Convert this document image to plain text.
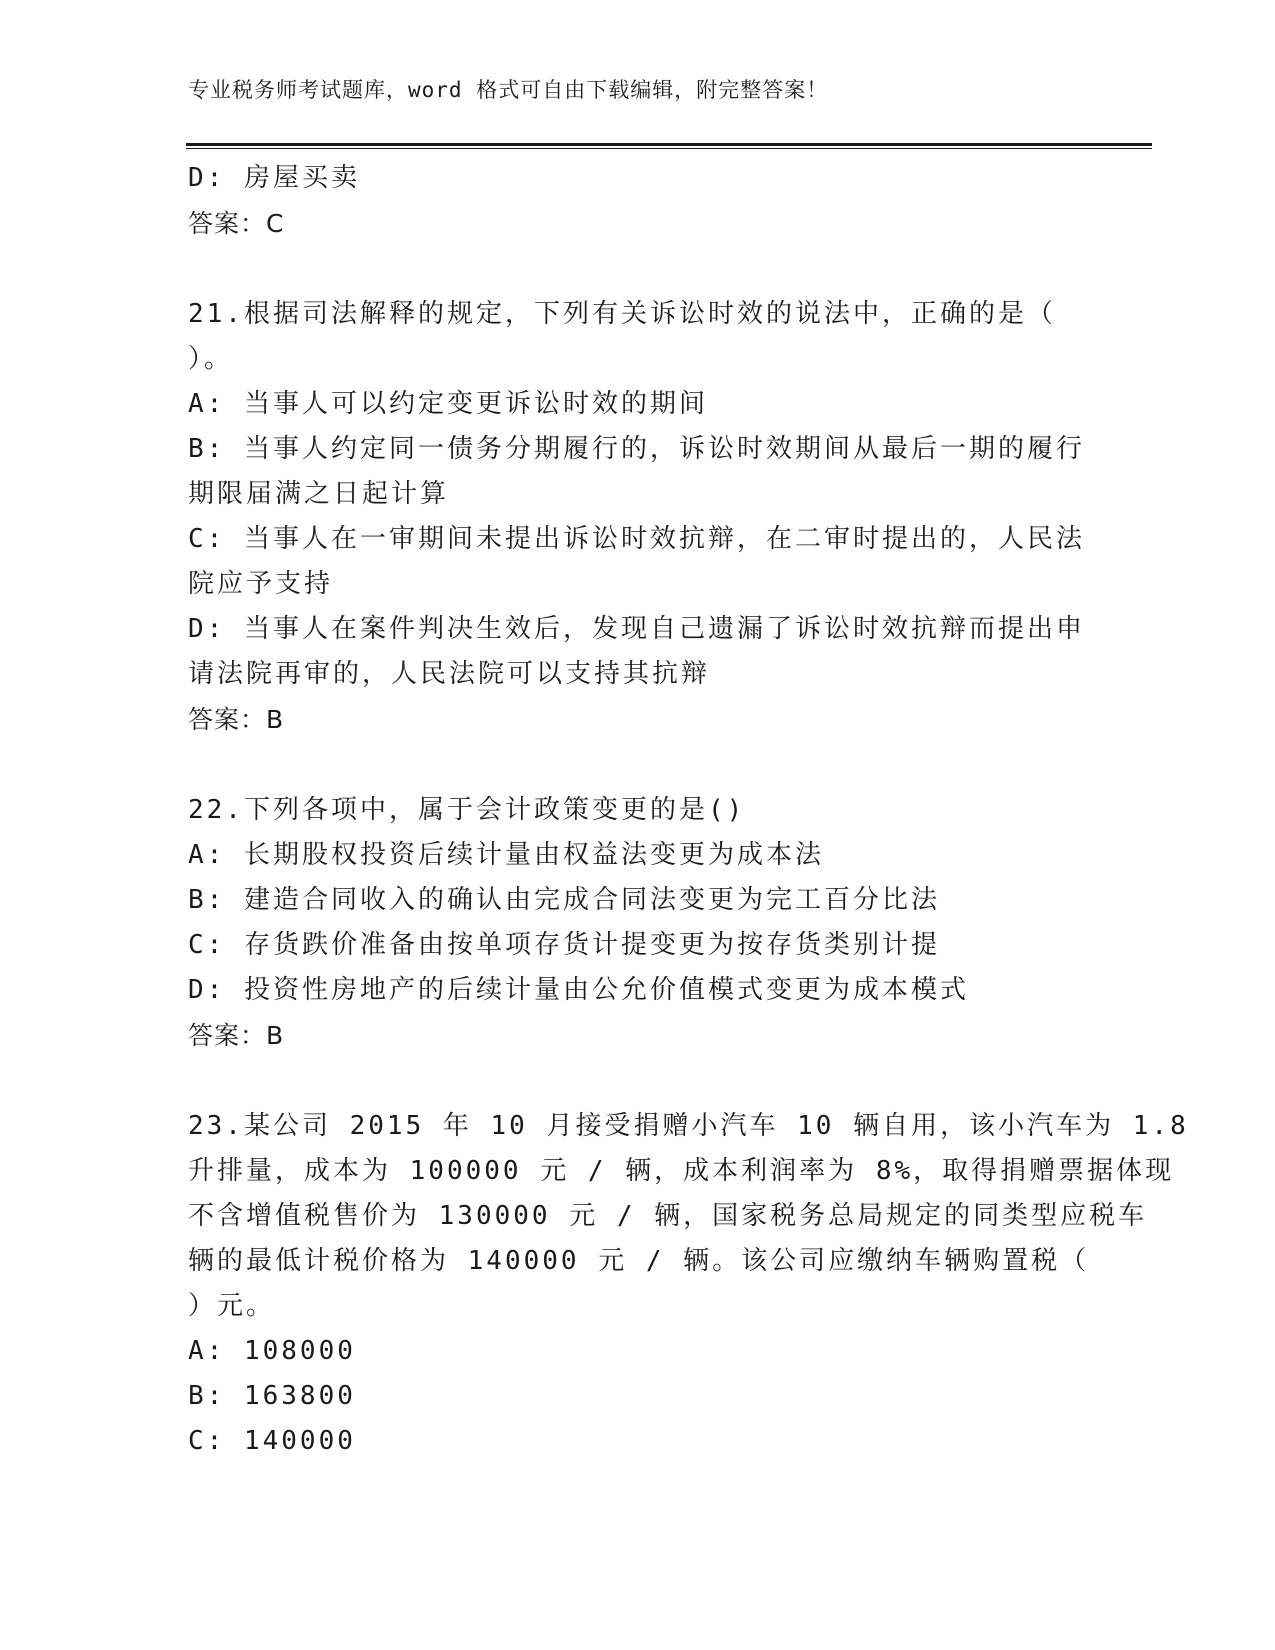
专业税务师考试题库，word 格式可自由下载编辑，附完整答案！
D: 房屋买卖
答案：C
21.根据司法解释的规定，下列有关诉讼时效的说法中，正确的是（
）。
A: 当事人可以约定变更诉讼时效的期间
B: 当事人约定同一债务分期履行的，诉讼时效期间从最后一期的履行
期限届满之日起计算
C: 当事人在一审期间未提出诉讼时效抗辩，在二审时提出的，人民法
院应予支持
D: 当事人在案件判决生效后，发现自己遗漏了诉讼时效抗辩而提出申
请法院再审的，人民法院可以支持其抗辩
答案：B
22.下列各项中，属于会计政策变更的是()
A: 长期股权投资后续计量由权益法变更为成本法
B: 建造合同收入的确认由完成合同法变更为完工百分比法
C: 存货跌价准备由按单项存货计提变更为按存货类别计提
D: 投资性房地产的后续计量由公允价值模式变更为成本模式
答案：B
23.某公司 2015 年 10 月接受捐赠小汽车 10 辆自用，该小汽车为 1.8
升排量，成本为 100000 元 / 辆，成本利润率为 8%，取得捐赠票据体现
不含增值税售价为 130000 元 / 辆，国家税务总局规定的同类型应税车
辆的最低计税价格为 140000 元 / 辆。该公司应缴纳车辆购置税（
）元。
A: 108000
B: 163800
C: 140000
